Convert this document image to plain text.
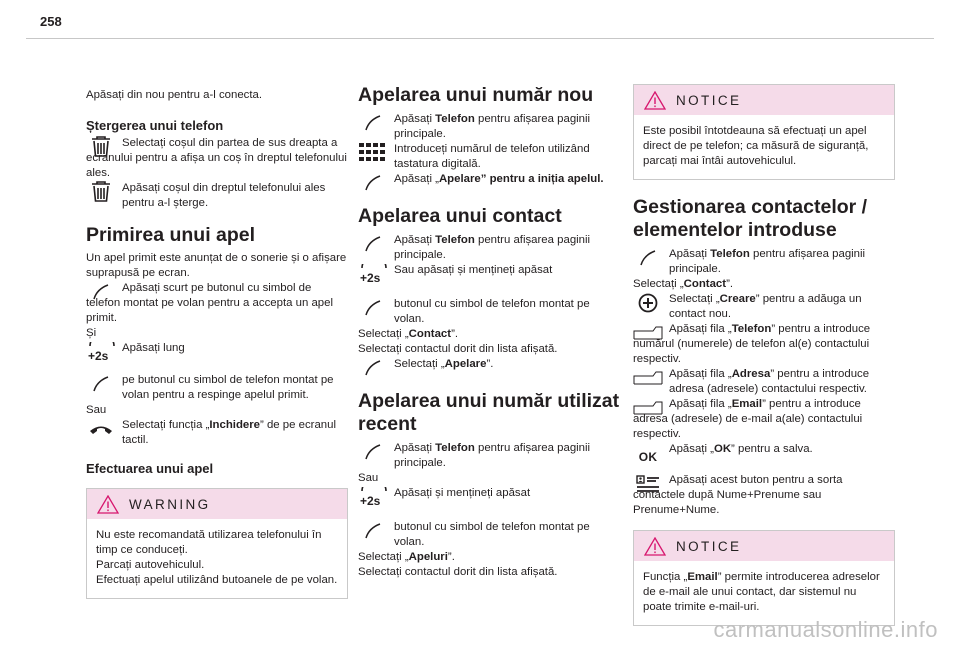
258

Apăsați din nou pentru a-l conecta.

Ștergerea unui telefon
Selectați coșul din partea de sus dreapta a ecranului pentru a afișa un coș în dreptul telefonului ales.
Apăsați coșul din dreptul telefonului ales pentru a-l șterge.
Primirea unui apel

Un apel primit este anunțat de o sonerie și o afișare suprapusă pe ecran.

Apăsați scurt pe butonul cu simbol de telefon montat pe volan pentru a accepta un apel primit.

Și

+2s
Apăsați lung
pe butonul cu simbol de telefon montat pe volan pentru a respinge apelul primit.

Sau

Selectați funcția „Inchidere” de pe ecranul tactil.
Efectuarea unui apel
WARNING

Nu este recomandată utilizarea telefonului în timp ce conduceți.

Parcați autovehiculul.

Efectuați apelul utilizând butoanele de pe volan.

Apelarea unui număr nou
Apăsați Telefon pentru afișarea paginii principale.
Introduceți numărul de telefon utilizând tastatura digitală.
Apăsați „Apelare” pentru a iniția apelul.
Apelarea unui contact
Apăsați Telefon pentru afișarea paginii principale.
+2s
Sau apăsați și mențineți apăsat
butonul cu simbol de telefon montat pe volan.

Selectați „Contact”.

Selectați contactul dorit din lista afișată.

Selectați „Apelare”.
Apelarea unui număr utilizat recent
Apăsați Telefon pentru afișarea paginii principale.

Sau

+2s
Apăsați și mențineți apăsat
butonul cu simbol de telefon montat pe volan.

Selectați „Apeluri”.

Selectați contactul dorit din lista afișată.

NOTICE

Este posibil întotdeauna să efectuați un apel direct de pe telefon; ca măsură de siguranță, parcați mai întâi autovehiculul.

Gestionarea contactelor / elementelor introduse
Apăsați Telefon pentru afișarea paginii principale.

Selectați „Contact”.

Selectați „Creare” pentru a adăuga un contact nou.
Apăsați fila „Telefon” pentru a introduce numărul (numerele) de telefon al(e) contactului respectiv.
Apăsați fila „Adresa” pentru a introduce adresa (adresele) contactului respectiv.
Apăsați fila „Email” pentru a introduce adresa (adresele) de e-mail a(ale) contactului respectiv.
OK
Apăsați „OK” pentru a salva.
Apăsați acest buton pentru a sorta contactele după Nume+Prenume sau Prenume+Nume.
NOTICE

Funcția „Email” permite introducerea adreselor de e-mail ale unui contact, dar sistemul nu poate trimite e-mail-uri.

carmanualsonline.info
